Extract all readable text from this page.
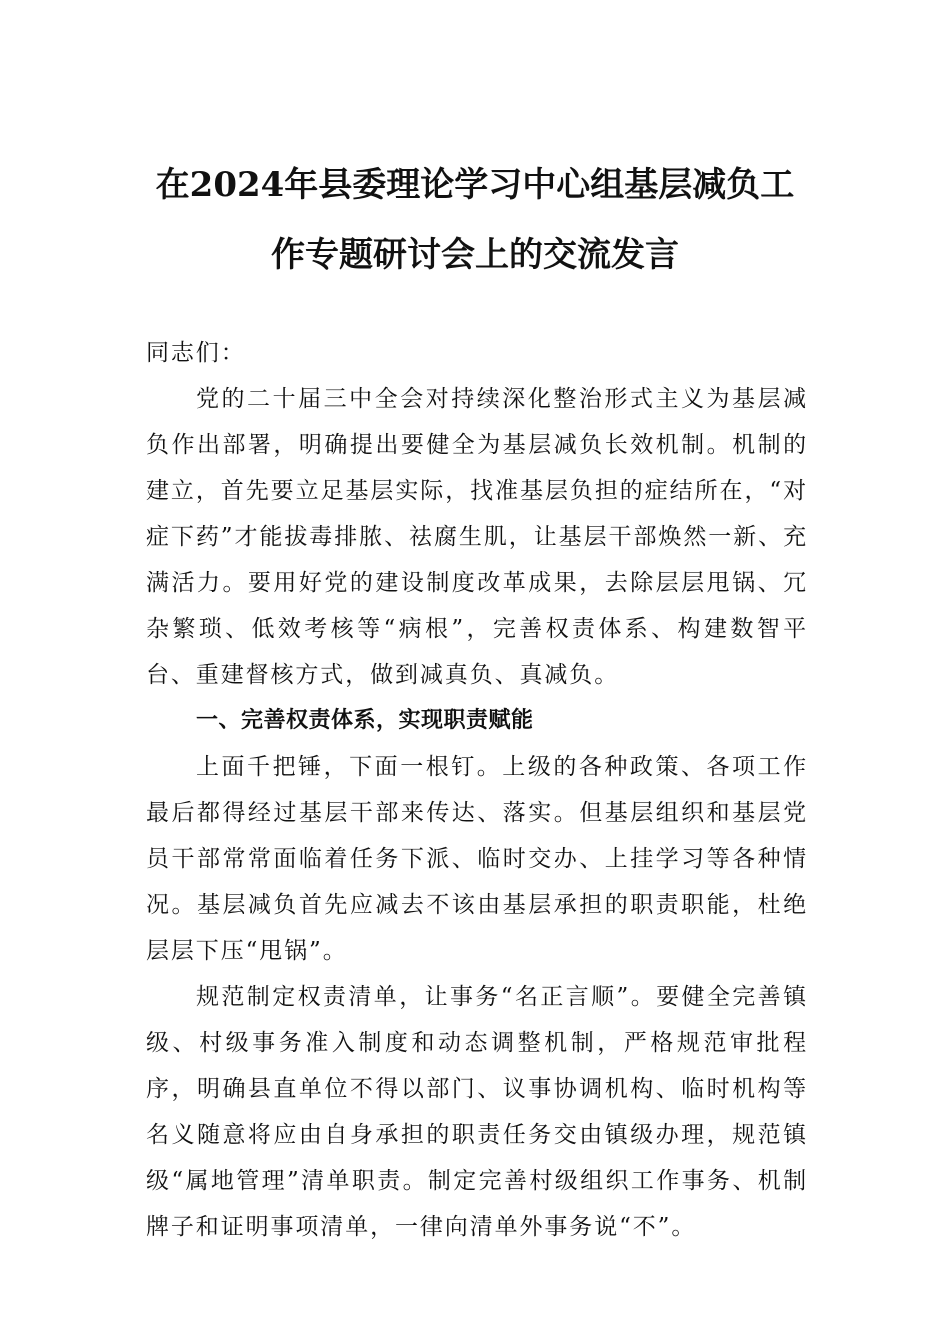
在2024年县委理论学习中心组基层减负工
作专题研讨会上的交流发言

同志们：

党的二十届三中全会对持续深化整治形式主义为基层减负作出部署，明确提出要健全为基层减负长效机制。机制的建立，首先要立足基层实际，找准基层负担的症结所在，“对症下药”才能拔毒排脓、祛腐生肌，让基层干部焕然一新、充满活力。要用好党的建设制度改革成果，去除层层甩锅、冗杂繁琐、低效考核等“病根”，完善权责体系、构建数智平台、重建督核方式，做到减真负、真减负。

一、完善权责体系，实现职责赋能

上面千把锤，下面一根钉。上级的各种政策、各项工作最后都得经过基层干部来传达、落实。但基层组织和基层党员干部常常面临着任务下派、临时交办、上挂学习等各种情况。基层减负首先应减去不该由基层承担的职责职能，杜绝层层下压“甩锅”。

规范制定权责清单，让事务“名正言顺”。要健全完善镇级、村级事务准入制度和动态调整机制，严格规范审批程序，明确县直单位不得以部门、议事协调机构、临时机构等名义随意将应由自身承担的职责任务交由镇级办理，规范镇级“属地管理”清单职责。制定完善村级组织工作事务、机制牌子和证明事项清单，一律向清单外事务说“不”。
